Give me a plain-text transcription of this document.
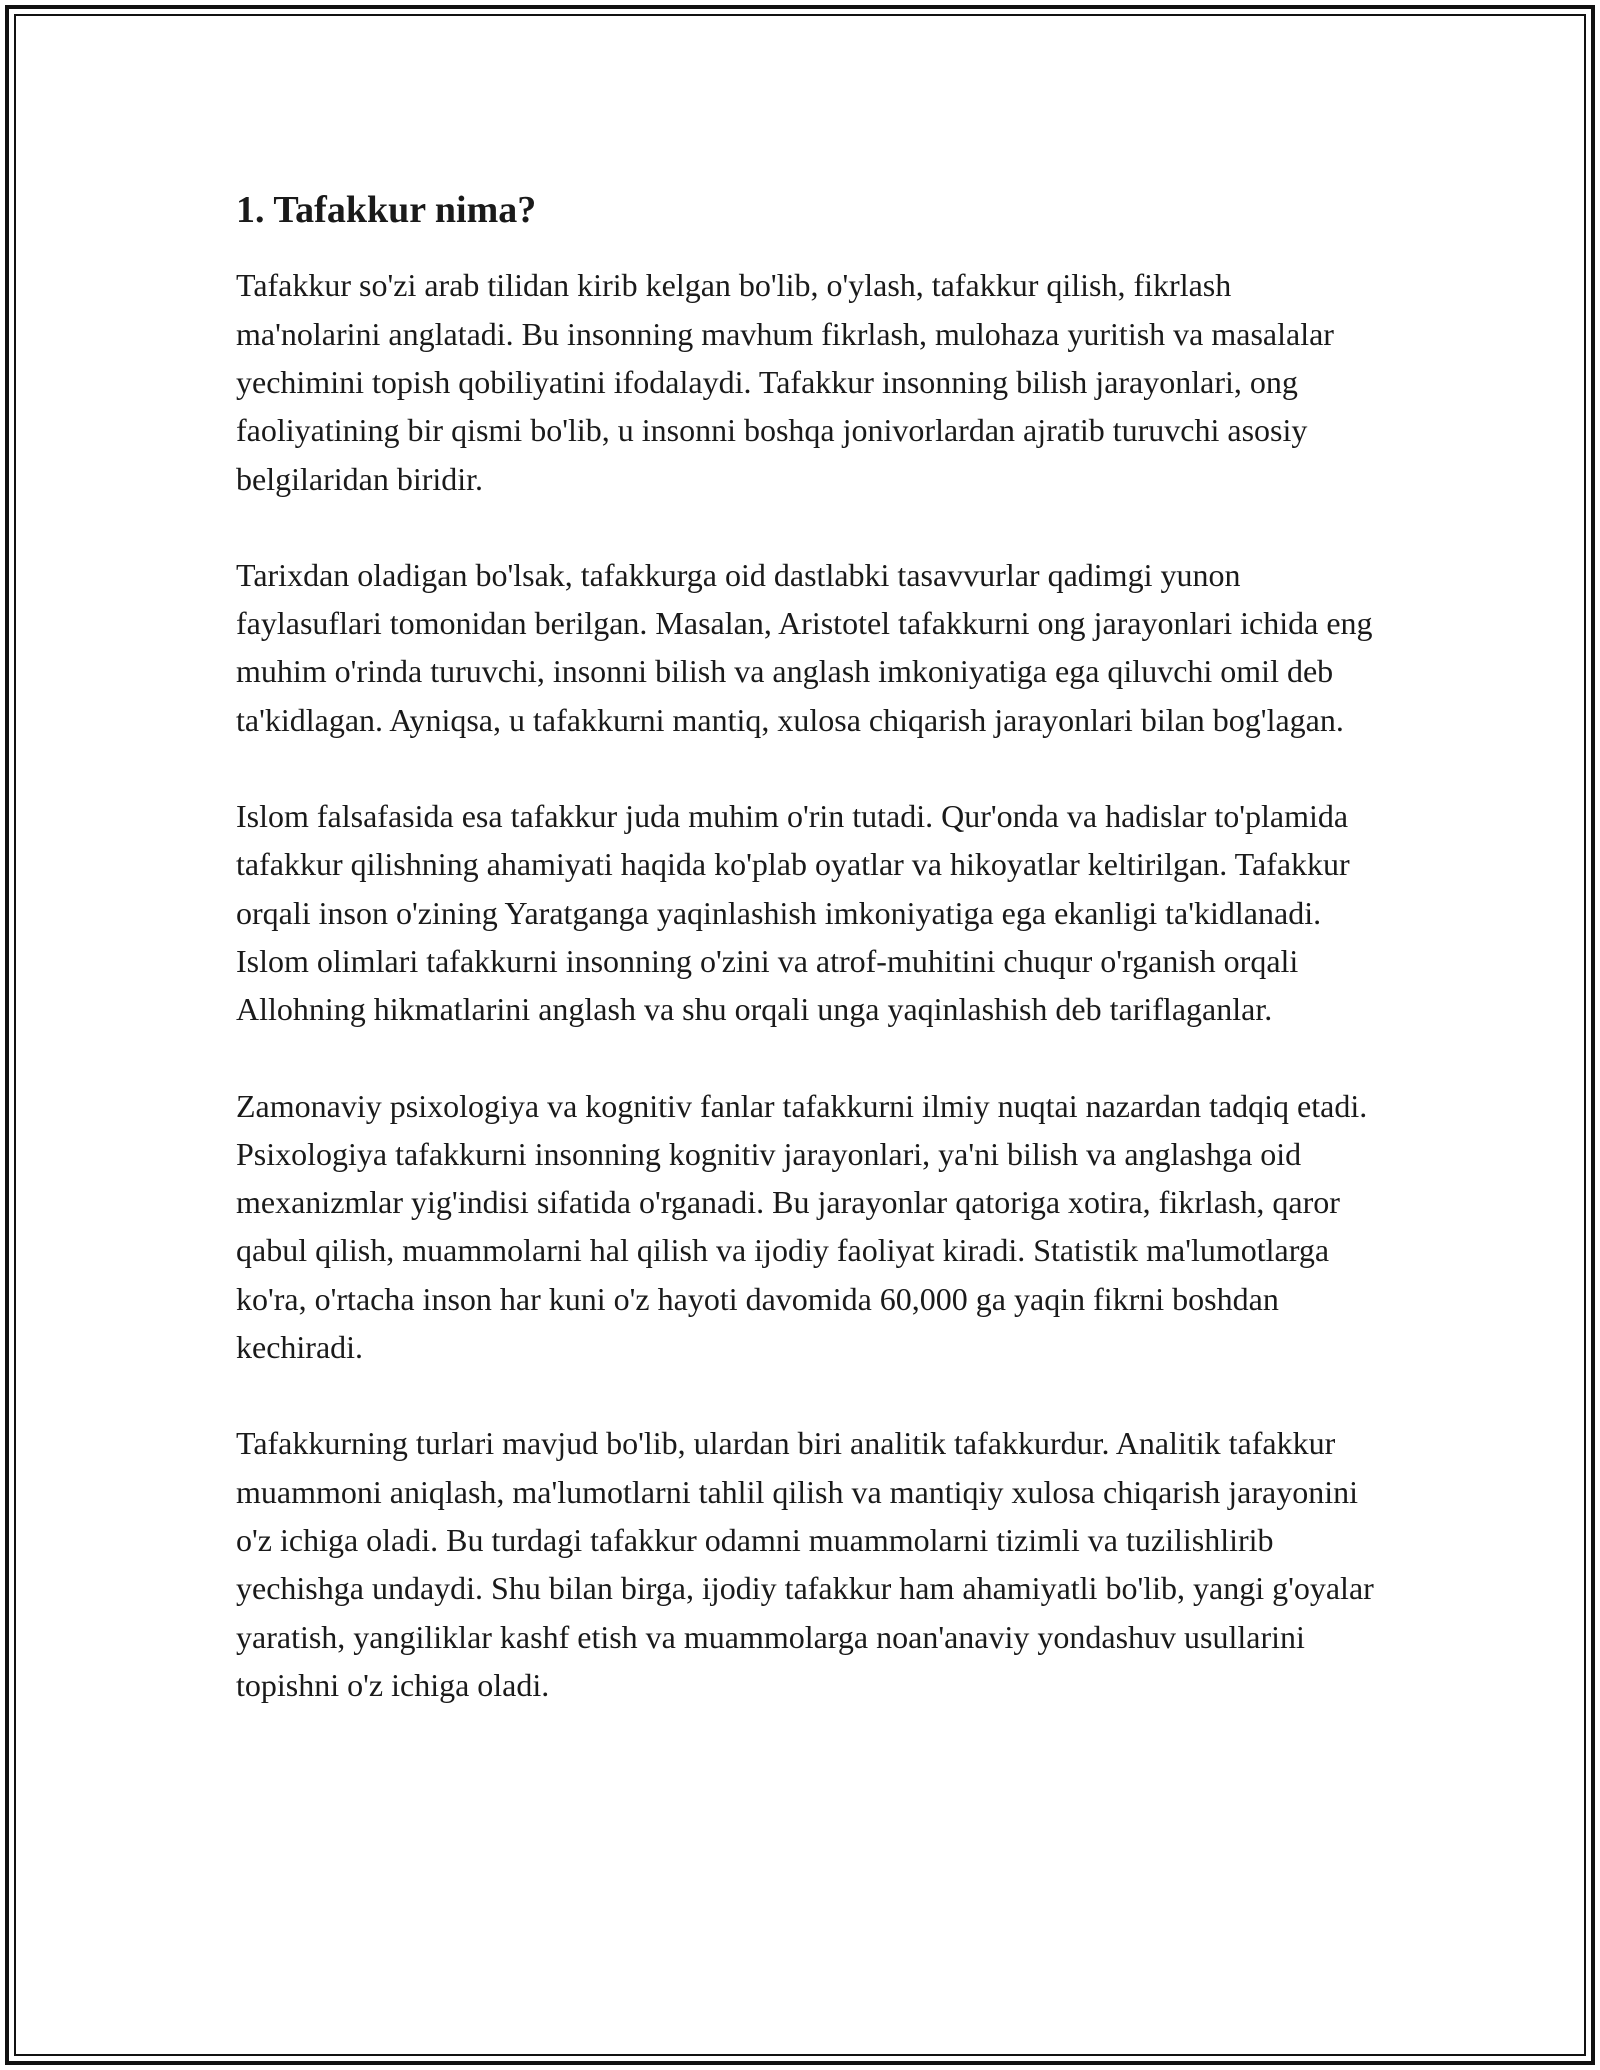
1. Tafakkur nima?

Tafakkur so'zi arab tilidan kirib kelgan bo'lib, o'ylash, tafakkur qilish, fikrlash ma'nolarini anglatadi. Bu insonning mavhum fikrlash, mulohaza yuritish va masalalar yechimini topish qobiliyatini ifodalaydi. Tafakkur insonning bilish jarayonlari, ong faoliyatining bir qismi bo'lib, u insonni boshqa jonivorlardan ajratib turuvchi asosiy belgilaridan biridir.

Tarixdan oladigan bo'lsak, tafakkurga oid dastlabki tasavvurlar qadimgi yunon faylasuflari tomonidan berilgan. Masalan, Aristotel tafakkurni ong jarayonlari ichida eng muhim o'rinda turuvchi, insonni bilish va anglash imkoniyatiga ega qiluvchi omil deb ta'kidlagan. Ayniqsa, u tafakkurni mantiq, xulosa chiqarish jarayonlari bilan bog'lagan.

Islom falsafasida esa tafakkur juda muhim o'rin tutadi. Qur'onda va hadislar to'plamida tafakkur qilishning ahamiyati haqida ko'plab oyatlar va hikoyatlar keltirilgan. Tafakkur orqali inson o'zining Yaratganga yaqinlashish imkoniyatiga ega ekanligi ta'kidlanadi. Islom olimlari tafakkurni insonning o'zini va atrof-muhitini chuqur o'rganish orqali Allohning hikmatlarini anglash va shu orqali unga yaqinlashish deb tariflaganlar.

Zamonaviy psixologiya va kognitiv fanlar tafakkurni ilmiy nuqtai nazardan tadqiq etadi. Psixologiya tafakkurni insonning kognitiv jarayonlari, ya'ni bilish va anglashga oid mexanizmlar yig'indisi sifatida o'rganadi. Bu jarayonlar qatoriga xotira, fikrlash, qaror qabul qilish, muammolarni hal qilish va ijodiy faoliyat kiradi. Statistik ma'lumotlarga ko'ra, o'rtacha inson har kuni o'z hayoti davomida 60,000 ga yaqin fikrni boshdan kechiradi.

Tafakkurning turlari mavjud bo'lib, ulardan biri analitik tafakkurdur. Analitik tafakkur muammoni aniqlash, ma'lumotlarni tahlil qilish va mantiqiy xulosa chiqarish jarayonini o'z ichiga oladi. Bu turdagi tafakkur odamni muammolarni tizimli va tuzilishlirib yechishga undaydi. Shu bilan birga, ijodiy tafakkur ham ahamiyatli bo'lib, yangi g'oyalar yaratish, yangiliklar kashf etish va muammolarga noan'anaviy yondashuv usullarini topishni o'z ichiga oladi.
